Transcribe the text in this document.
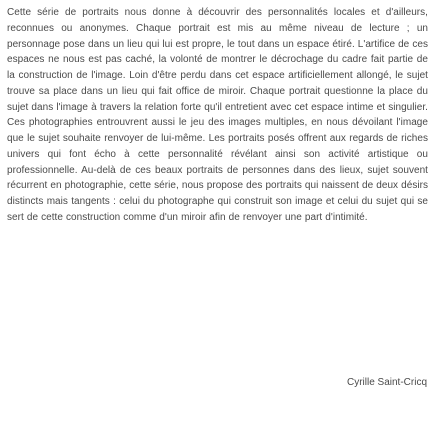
Cette série de portraits nous donne à découvrir des personnalités locales et d'ailleurs, reconnues ou anonymes. Chaque portrait est mis au même niveau de lecture ; un personnage pose dans un lieu qui lui est propre, le tout dans un espace étiré. L'artifice de ces espaces ne nous est pas caché, la volonté de montrer le décrochage du cadre fait partie de la construction de l'image. Loin d'être perdu dans cet espace artificiellement allongé, le sujet trouve sa place dans un lieu qui fait office de miroir. Chaque portrait questionne la place du sujet dans l'image à travers la relation forte qu'il entretient avec cet espace intime et singulier. Ces photographies entrouvrent aussi le jeu des images multiples, en nous dévoilant l'image que le sujet souhaite renvoyer de lui-même. Les portraits posés offrent aux regards de riches univers qui font écho à cette personnalité révélant ainsi son activité artistique ou professionnelle. Au-delà de ces beaux portraits de personnes dans des lieux, sujet souvent récurrent en photographie, cette série, nous propose des portraits qui naissent de deux désirs distincts mais tangents : celui du photographe qui construit son image et celui du sujet qui se sert de cette construction comme d'un miroir afin de renvoyer une part d'intimité.

Cyrille Saint-Cricq
